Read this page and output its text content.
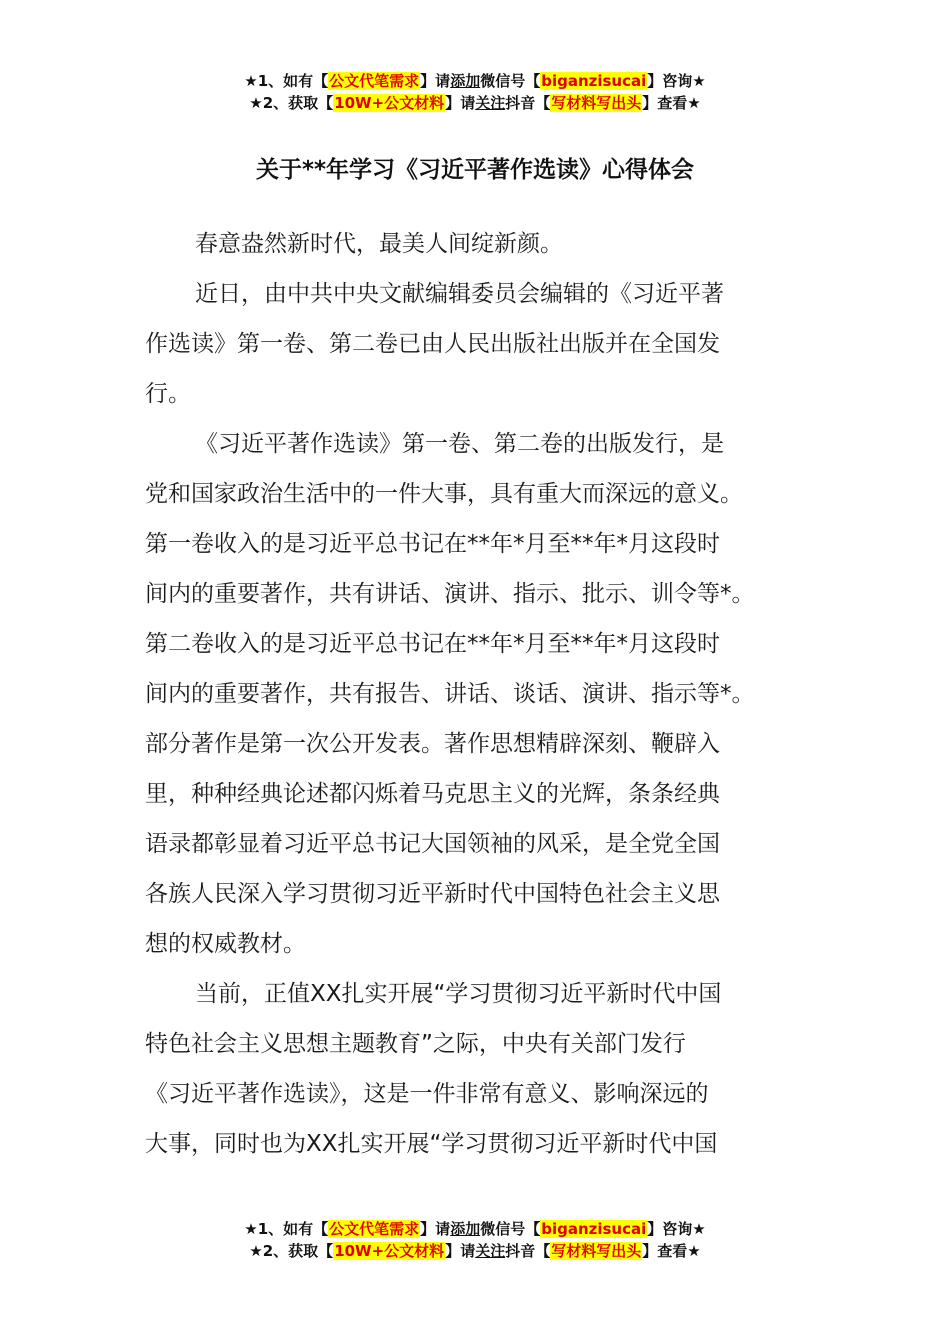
★1、如有【公文代笔需求】请添加微信号【biganzisucai】咨询★
★2、获取【10W+公文材料】请关注抖音【写材料写出头】查看★
关于**年学习《习近平著作选读》心得体会
春意盎然新时代，最美人间绽新颜。
近日，由中共中央文献编辑委员会编辑的《习近平著
作选读》第一卷、第二卷已由人民出版社出版并在全国发
行。
《习近平著作选读》第一卷、第二卷的出版发行，是
党和国家政治生活中的一件大事，具有重大而深远的意义。
第一卷收入的是习近平总书记在**年*月至**年*月这段时
间内的重要著作，共有讲话、演讲、指示、批示、训令等*。
第二卷收入的是习近平总书记在**年*月至**年*月这段时
间内的重要著作，共有报告、讲话、谈话、演讲、指示等*。
部分著作是第一次公开发表。著作思想精辟深刻、鞭辟入
里，种种经典论述都闪烁着马克思主义的光辉，条条经典
语录都彰显着习近平总书记大国领袖的风采，是全党全国
各族人民深入学习贯彻习近平新时代中国特色社会主义思
想的权威教材。
当前，正值XX扎实开展“学习贯彻习近平新时代中国
特色社会主义思想主题教育”之际，中央有关部门发行
《习近平著作选读》，这是一件非常有意义、影响深远的
大事，同时也为XX扎实开展“学习贯彻习近平新时代中国
★1、如有【公文代笔需求】请添加微信号【biganzisucai】咨询★
★2、获取【10W+公文材料】请关注抖音【写材料写出头】查看★
